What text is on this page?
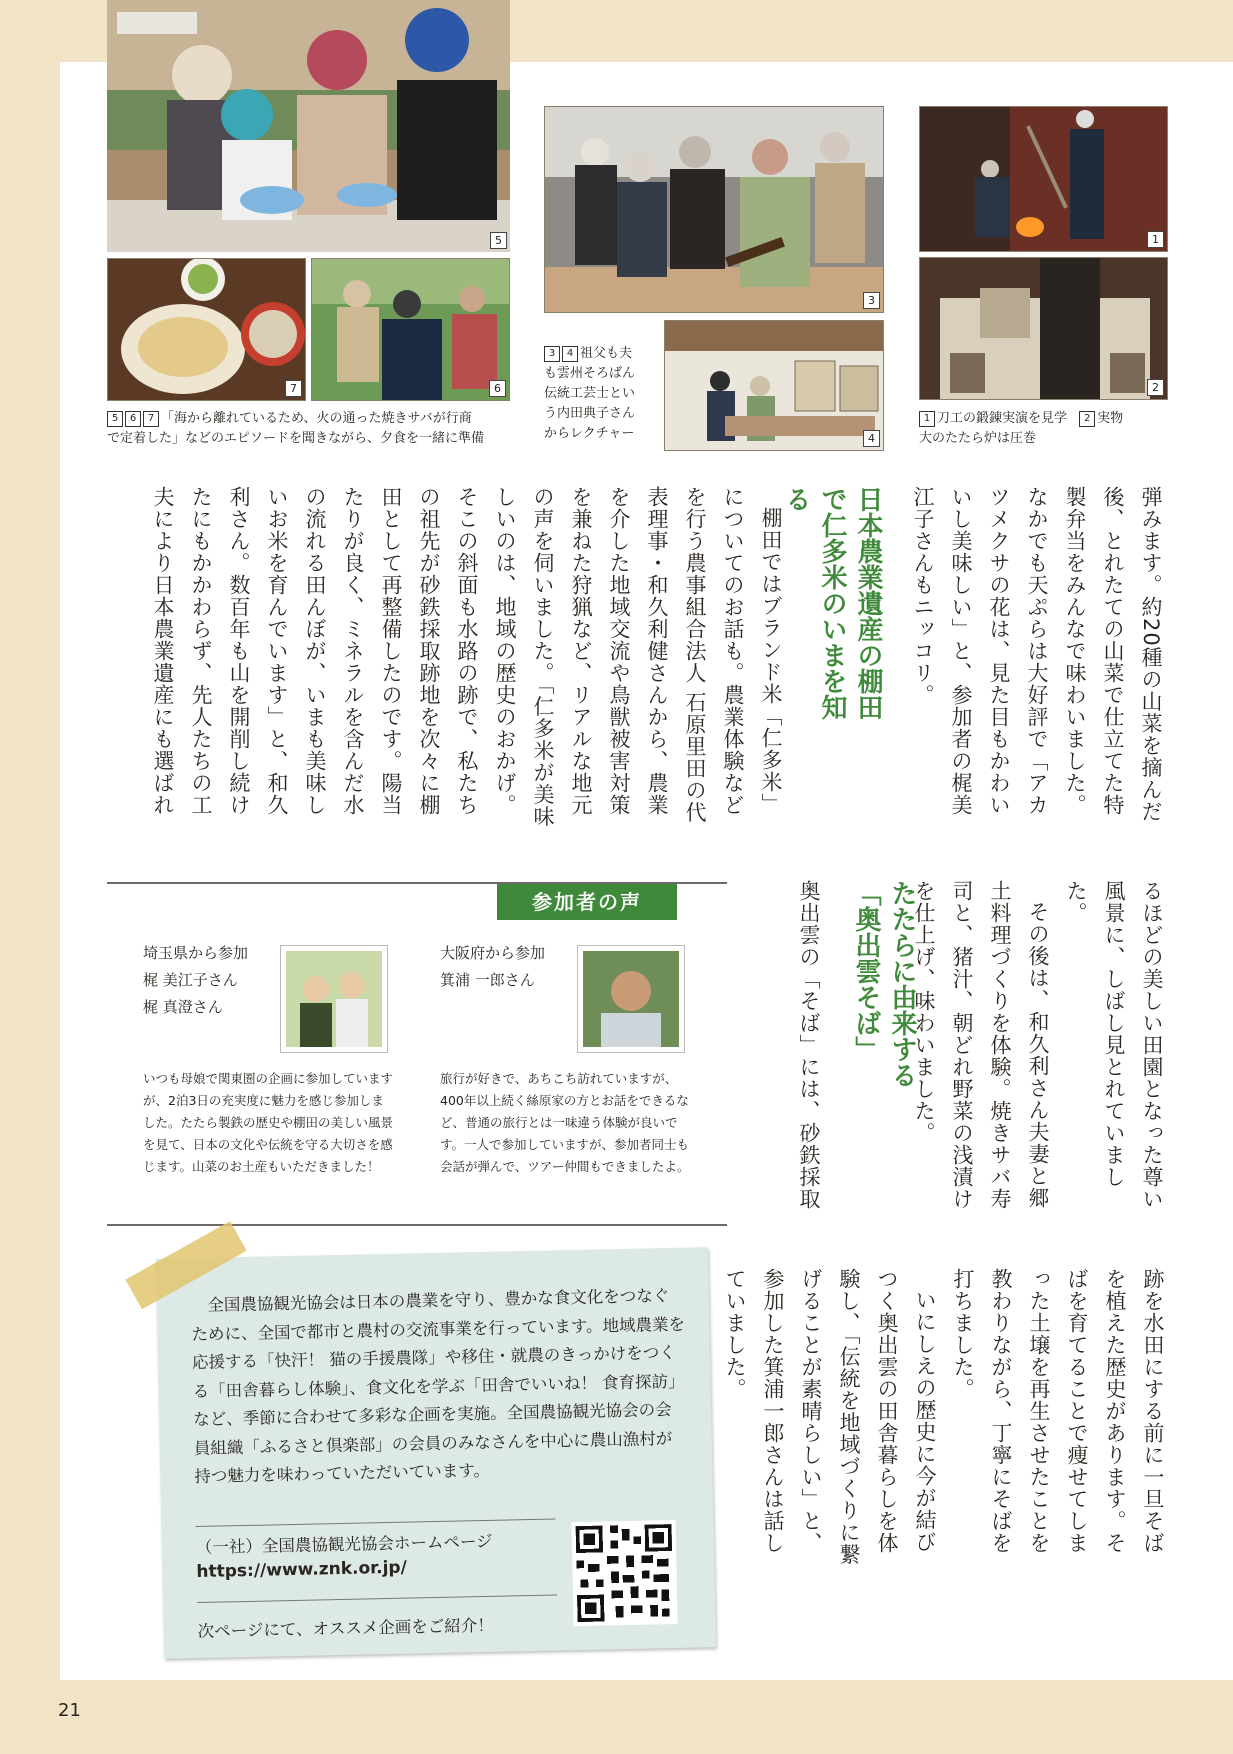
5
7	6
3
4
1
2
5 6 7 「海から離れているため、火の通った焼きサバが行商
で定着した」などのエピソードを聞きながら、夕食を一緒に準備
3 4 祖父も夫
も雲州そろばん
伝統工芸士とい
う内田典子さん
からレクチャー
1 刀工の鍛錬実演を見学 2 実物
大のたたら炉は圧巻

弾みます。約20種の山菜を摘んだ後、とれたての山菜で仕立てた特製弁当をみんなで味わいました。なかでも天ぷらは大好評で「アカツメクサの花は、見た目もかわいいし美味しい」と、参加者の梶美江子さんもニッコリ。

日本農業遺産の棚田で仁多米のいまを知る

棚田ではブランド米「仁多米」についてのお話も。農業体験などを行う農事組合法人 石原里田の代表理事・和久利健さんから、農業を介した地域交流や鳥獣被害対策を兼ねた狩猟など、リアルな地元の声を伺いました。「仁多米が美味しいのは、地域の歴史のおかげ。そこの斜面も水路の跡で、私たちの祖先が砂鉄採取跡地を次々に棚田として再整備したのです。陽当たりが良く、ミネラルを含んだ水の流れる田んぼが、いまも美味しいお米を育んでいます」と、和久利さん。数百年も山を開削し続けたにもかかわらず、先人たちの工夫により日本農業遺産にも選ばれ

るほどの美しい田園となった尊い風景に、しばし見とれていました。

その後は、和久利さん夫妻と郷土料理づくりを体験。焼きサバ寿司と、猪汁、朝どれ野菜の浅漬けを仕上げ、味わいました。

たたらに由来する「奥出雲そば」

奥出雲の「そば」には、砂鉄採取

跡を水田にする前に一旦そばを植えた歴史があります。そばを育てることで痩せてしまった土壌を再生させたことを教わりながら、丁寧にそばを打ちました。

いにしえの歴史に今が結びつく奥出雲の田舎暮らしを体験し、「伝統を地域づくりに繋げることが素晴らしい」と、参加した箕浦一郎さんは話していました。

参加者の声
埼玉県から参加
梶 美江子さん
梶 真澄さん
いつも母娘で関東圏の企画に参加していますが、2泊3日の充実度に魅力を感じ参加しました。たたら製鉄の歴史や棚田の美しい風景を見て、日本の文化や伝統を守る大切さを感じます。山菜のお土産もいただきました！
大阪府から参加
箕浦 一郎さん
旅行が好きで、あちこち訪れていますが、400年以上続く絲原家の方とお話をできるなど、普通の旅行とは一味違う体験が良いです。一人で参加していますが、参加者同士も会話が弾んで、ツアー仲間もできましたよ。
全国農協観光協会は日本の農業を守り、豊かな食文化をつなぐために、全国で都市と農村の交流事業を行っています。地域農業を応援する「快汗！ 猫の手援農隊」や移住・就農のきっかけをつくる「田舎暮らし体験」、食文化を学ぶ「田舎でいいね！ 食育探訪」など、季節に合わせて多彩な企画を実施。全国農協観光協会の会員組織「ふるさと倶楽部」の会員のみなさんを中心に農山漁村が持つ魅力を味わっていただいています。
（一社）全国農協観光協会ホームページ
https://www.znk.or.jp/
次ページにて、オススメ企画をご紹介！
21
